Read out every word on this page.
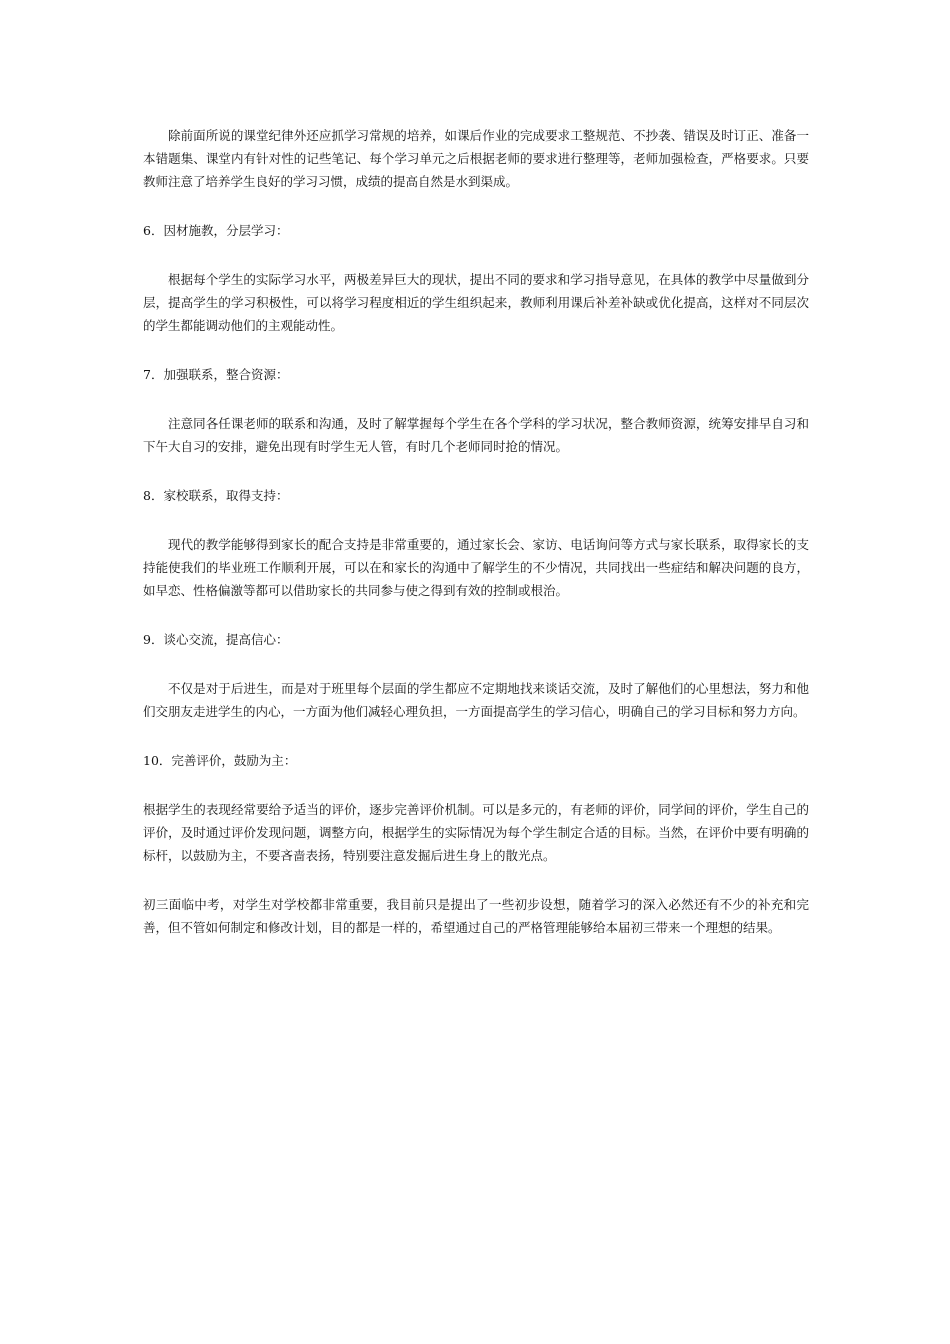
除前面所说的课堂纪律外还应抓学习常规的培养，如课后作业的完成要求工整规范、不抄袭、错误及时订正、准备一本错题集、课堂内有针对性的记些笔记、每个学习单元之后根据老师的要求进行整理等，老师加强检查，严格要求。只要教师注意了培养学生良好的学习习惯，成绩的提高自然是水到渠成。

6．因材施教，分层学习：

根据每个学生的实际学习水平，两极差异巨大的现状，提出不同的要求和学习指导意见，在具体的教学中尽量做到分层，提高学生的学习积极性，可以将学习程度相近的学生组织起来，教师利用课后补差补缺或优化提高，这样对不同层次的学生都能调动他们的主观能动性。

7．加强联系，整合资源：

注意同各任课老师的联系和沟通，及时了解掌握每个学生在各个学科的学习状况，整合教师资源，统筹安排早自习和下午大自习的安排，避免出现有时学生无人管，有时几个老师同时抢的情况。

8．家校联系，取得支持：

现代的教学能够得到家长的配合支持是非常重要的，通过家长会、家访、电话询问等方式与家长联系，取得家长的支持能使我们的毕业班工作顺利开展，可以在和家长的沟通中了解学生的不少情况，共同找出一些症结和解决问题的良方，如早恋、性格偏激等都可以借助家长的共同参与使之得到有效的控制或根治。

9．谈心交流，提高信心：

不仅是对于后进生，而是对于班里每个层面的学生都应不定期地找来谈话交流，及时了解他们的心里想法，努力和他们交朋友走进学生的内心，一方面为他们减轻心理负担，一方面提高学生的学习信心，明确自己的学习目标和努力方向。

10．完善评价，鼓励为主：

根据学生的表现经常要给予适当的评价，逐步完善评价机制。可以是多元的，有老师的评价，同学间的评价，学生自己的评价，及时通过评价发现问题，调整方向，根据学生的实际情况为每个学生制定合适的目标。当然，在评价中要有明确的标杆，以鼓励为主，不要吝啬表扬，特别要注意发掘后进生身上的散光点。

初三面临中考，对学生对学校都非常重要，我目前只是提出了一些初步设想，随着学习的深入必然还有不少的补充和完善，但不管如何制定和修改计划，目的都是一样的，希望通过自己的严格管理能够给本届初三带来一个理想的结果。
